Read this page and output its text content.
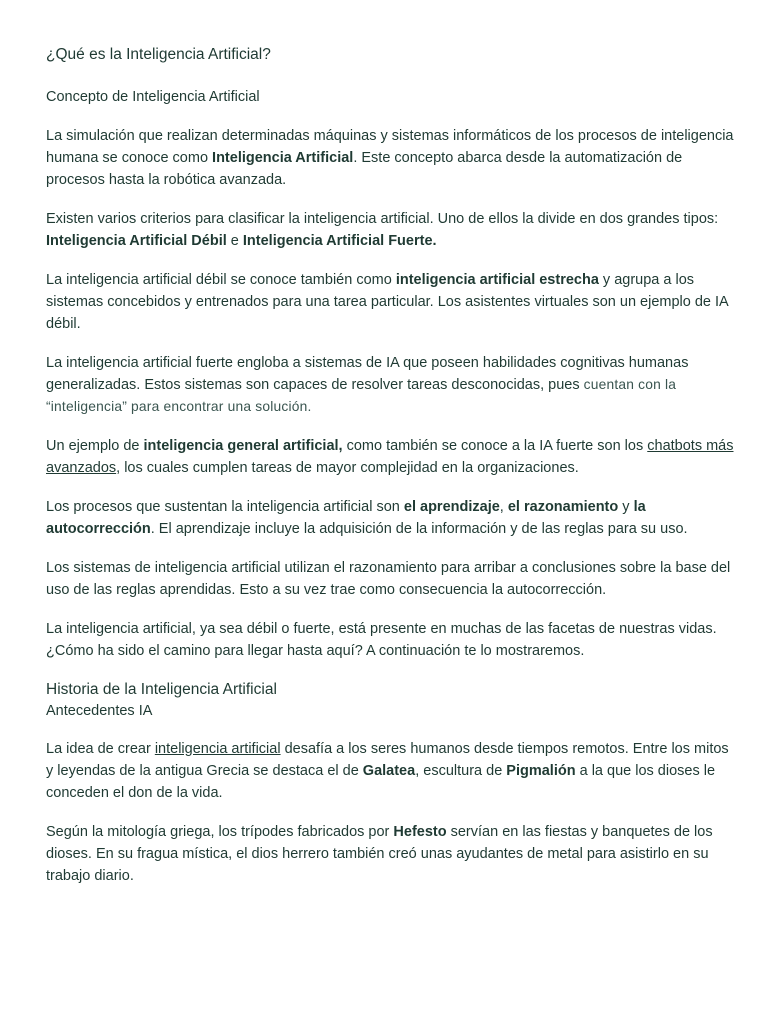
¿Qué es la Inteligencia Artificial?
Concepto de Inteligencia Artificial

La simulación que realizan determinadas máquinas y sistemas informáticos de los procesos de inteligencia humana se conoce como Inteligencia Artificial. Este concepto abarca desde la automatización de procesos hasta la robótica avanzada.

Existen varios criterios para clasificar la inteligencia artificial. Uno de ellos la divide en dos grandes tipos: Inteligencia Artificial Débil e Inteligencia Artificial Fuerte.

La inteligencia artificial débil se conoce también como inteligencia artificial estrecha y agrupa a los sistemas concebidos y entrenados para una tarea particular. Los asistentes virtuales son un ejemplo de IA débil.

La inteligencia artificial fuerte engloba a sistemas de IA que poseen habilidades cognitivas humanas generalizadas. Estos sistemas son capaces de resolver tareas desconocidas, pues cuentan con la “inteligencia” para encontrar una solución.

Un ejemplo de inteligencia general artificial, como también se conoce a la IA fuerte son los chatbots más avanzados, los cuales cumplen tareas de mayor complejidad en la organizaciones.

Los procesos que sustentan la inteligencia artificial son el aprendizaje, el razonamiento y la autocorrección. El aprendizaje incluye la adquisición de la información y de las reglas para su uso.

Los sistemas de inteligencia artificial utilizan el razonamiento para arribar a conclusiones sobre la base del uso de las reglas aprendidas. Esto a su vez trae como consecuencia la autocorrección.

La inteligencia artificial, ya sea débil o fuerte, está presente en muchas de las facetas de nuestras vidas. ¿Cómo ha sido el camino para llegar hasta aquí? A continuación te lo mostraremos.

Historia de la Inteligencia Artificial
Antecedentes IA

La idea de crear inteligencia artificial desafía a los seres humanos desde tiempos remotos. Entre los mitos y leyendas de la antigua Grecia se destaca el de Galatea, escultura de Pigmalión a la que los dioses le conceden el don de la vida.

Según la mitología griega, los trípodes fabricados por Hefesto servían en las fiestas y banquetes de los dioses. En su fragua mística, el dios herrero también creó unas ayudantes de metal para asistirlo en su trabajo diario.
